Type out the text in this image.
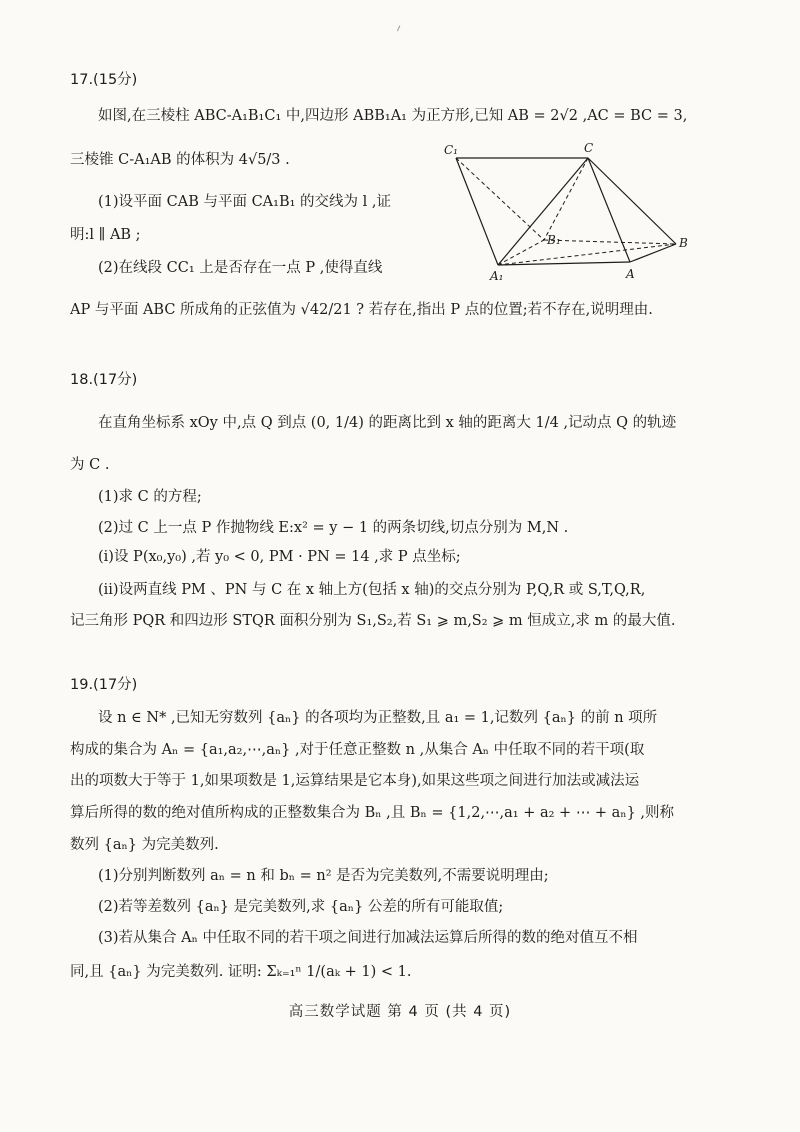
17.(15分)
如图,在三棱柱 ABC-A₁B₁C₁ 中,四边形 ABB₁A₁ 为正方形,已知 AB = 2√2 ,AC = BC = 3,
三棱锥 C-A₁AB 的体积为 4√5/3 .
(1)设平面 CAB 与平面 CA₁B₁ 的交线为 l ,证
明:l ∥ AB ;
(2)在线段 CC₁ 上是否存在一点 P ,使得直线
AP 与平面 ABC 所成角的正弦值为 √42/21 ? 若存在,指出 P 点的位置;若不存在,说明理由.
C₁	C
B₁	B
A₁	A
18.(17分)
在直角坐标系 xOy 中,点 Q 到点 (0, 1/4) 的距离比到 x 轴的距离大 1/4 ,记动点 Q 的轨迹
为 C .
(1)求 C 的方程;
(2)过 C 上一点 P 作抛物线 E:x² = y − 1 的两条切线,切点分别为 M,N .
(i)设 P(x₀,y₀) ,若 y₀ < 0, PM · PN = 14 ,求 P 点坐标;
(ii)设两直线 PM 、PN 与 C 在 x 轴上方(包括 x 轴)的交点分别为 P,Q,R 或 S,T,Q,R,
记三角形 PQR 和四边形 STQR 面积分别为 S₁,S₂,若 S₁ ⩾ m,S₂ ⩾ m 恒成立,求 m 的最大值.
19.(17分)
设 n ∈ N* ,已知无穷数列 {aₙ} 的各项均为正整数,且 a₁ = 1,记数列 {aₙ} 的前 n 项所
构成的集合为 Aₙ = {a₁,a₂,⋯,aₙ} ,对于任意正整数 n ,从集合 Aₙ 中任取不同的若干项(取
出的项数大于等于 1,如果项数是 1,运算结果是它本身),如果这些项之间进行加法或减法运
算后所得的数的绝对值所构成的正整数集合为 Bₙ ,且 Bₙ = {1,2,⋯,a₁ + a₂ + ⋯ + aₙ} ,则称
数列 {aₙ} 为完美数列.
(1)分别判断数列 aₙ = n 和 bₙ = n² 是否为完美数列,不需要说明理由;
(2)若等差数列 {aₙ} 是完美数列,求 {aₙ} 公差的所有可能取值;
(3)若从集合 Aₙ 中任取不同的若干项之间进行加减法运算后所得的数的绝对值互不相
同,且 {aₙ} 为完美数列. 证明: Σₖ₌₁ⁿ 1/(aₖ + 1) < 1.
高三数学试题 第 4 页 (共 4 页)
